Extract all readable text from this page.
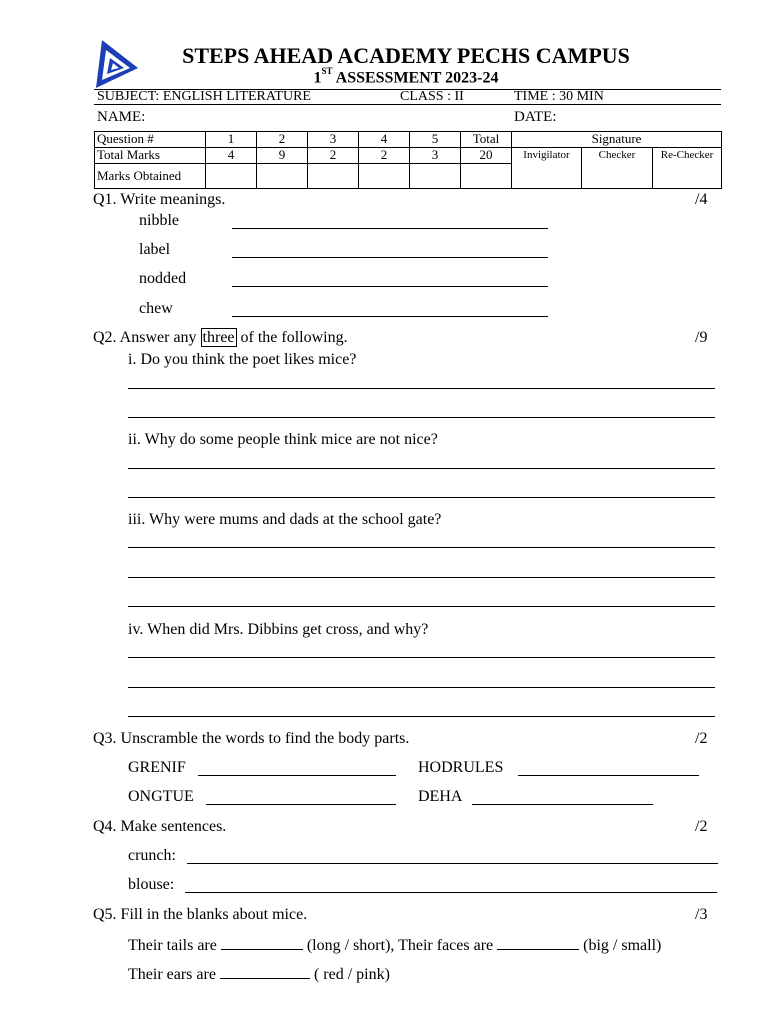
STEPS AHEAD ACADEMY PECHS CAMPUS
1ST ASSESSMENT 2023-24
SUBJECT: ENGLISH LITERATURE	CLASS : II	TIME : 30 MIN
NAME:	DATE:
Question #	1	2	3	4	5	Total	Signature		
Total Marks	4	9	2	2	3	20	Invigilator	Checker	Re-Checker
Marks Obtained									
Q1. Write meanings.	/4
nibble
label
nodded
chew
Q2. Answer any three of the following.	/9
i. Do you think the poet likes mice?
ii. Why do some people think mice are not nice?
iii. Why were mums and dads at the school gate?
iv. When did Mrs. Dibbins get cross, and why?
Q3. Unscramble the words to find the body parts.	/2
GRENIF	HODRULES
ONGTUE	DEHA
Q4. Make sentences.	/2
crunch:
blouse:
Q5. Fill in the blanks about mice.	/3
Their tails are	(long / short), Their faces are	(big / small)
Their ears are	( red / pink)
